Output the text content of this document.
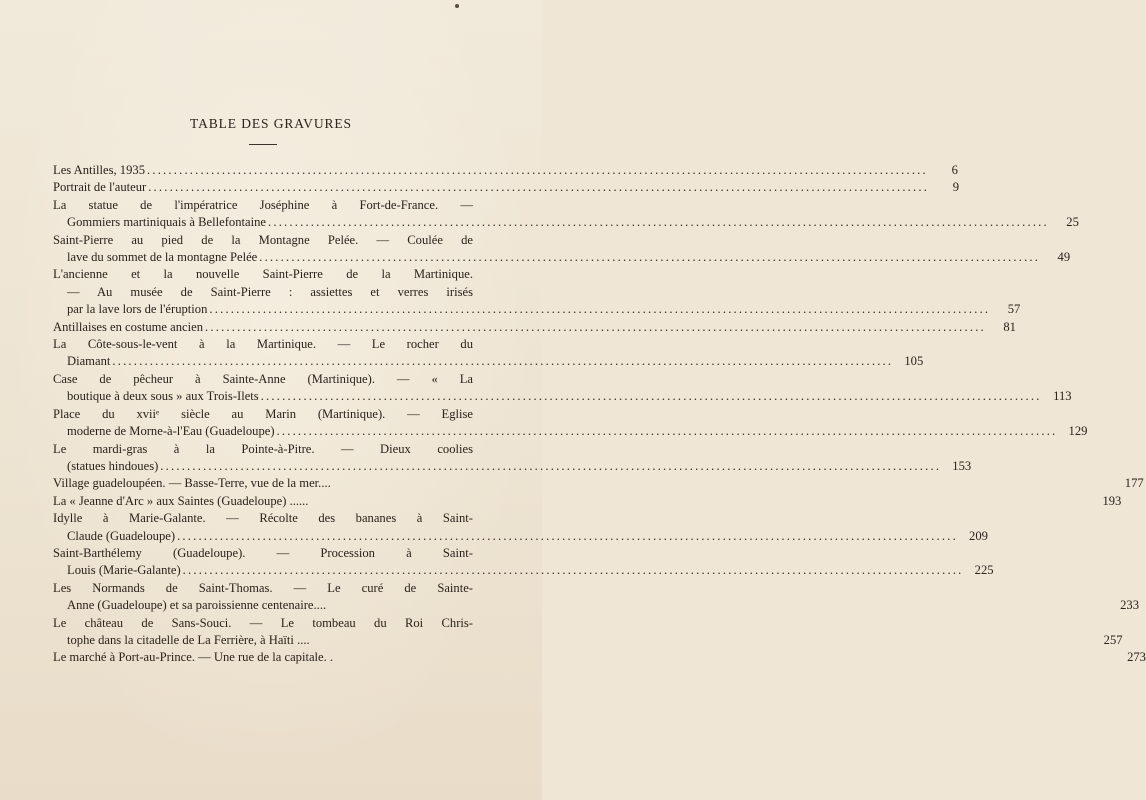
TABLE DES GRAVURES
Les Antilles, 1935 .....	6
Portrait de l'auteur .....	9
La statue de l'impératrice Joséphine à Fort-de-France. —
Gommiers martiniquais à Bellefontaine .....	25
Saint-Pierre au pied de la Montagne Pelée. — Coulée de
lave du sommet de la montagne Pelée .....	49
L'ancienne et la nouvelle Saint-Pierre de la Martinique.
— Au musée de Saint-Pierre : assiettes et verres irisés
par la lave lors de l'éruption .....	57
Antillaises en costume ancien .....	81
La Côte-sous-le-vent à la Martinique. — Le rocher du
Diamant .....	105
Case de pêcheur à Sainte-Anne (Martinique). — « La
boutique à deux sous » aux Trois-Ilets .....	113
Place du xviiᵉ siècle au Marin (Martinique). — Eglise
moderne de Morne-à-l'Eau (Guadeloupe) .....	129
Le mardi-gras à la Pointe-à-Pitre. — Dieux coolies
(statues hindoues) .....	153
Village guadeloupéen. — Basse-Terre, vue de la mer....	177
La « Jeanne d'Arc » aux Saintes (Guadeloupe) ......	193
Idylle à Marie-Galante. — Récolte des bananes à Saint-
Claude (Guadeloupe) .....	209
Saint-Barthélemy (Guadeloupe). — Procession à Saint-
Louis (Marie-Galante) .....	225
Les Normands de Saint-Thomas. — Le curé de Sainte-
Anne (Guadeloupe) et sa paroissienne centenaire....	233
Le château de Sans-Souci. — Le tombeau du Roi Chris-
tophe dans la citadelle de La Ferrière, à Haïti ....	257
Le marché à Port-au-Prince. — Une rue de la capitale. .	273
